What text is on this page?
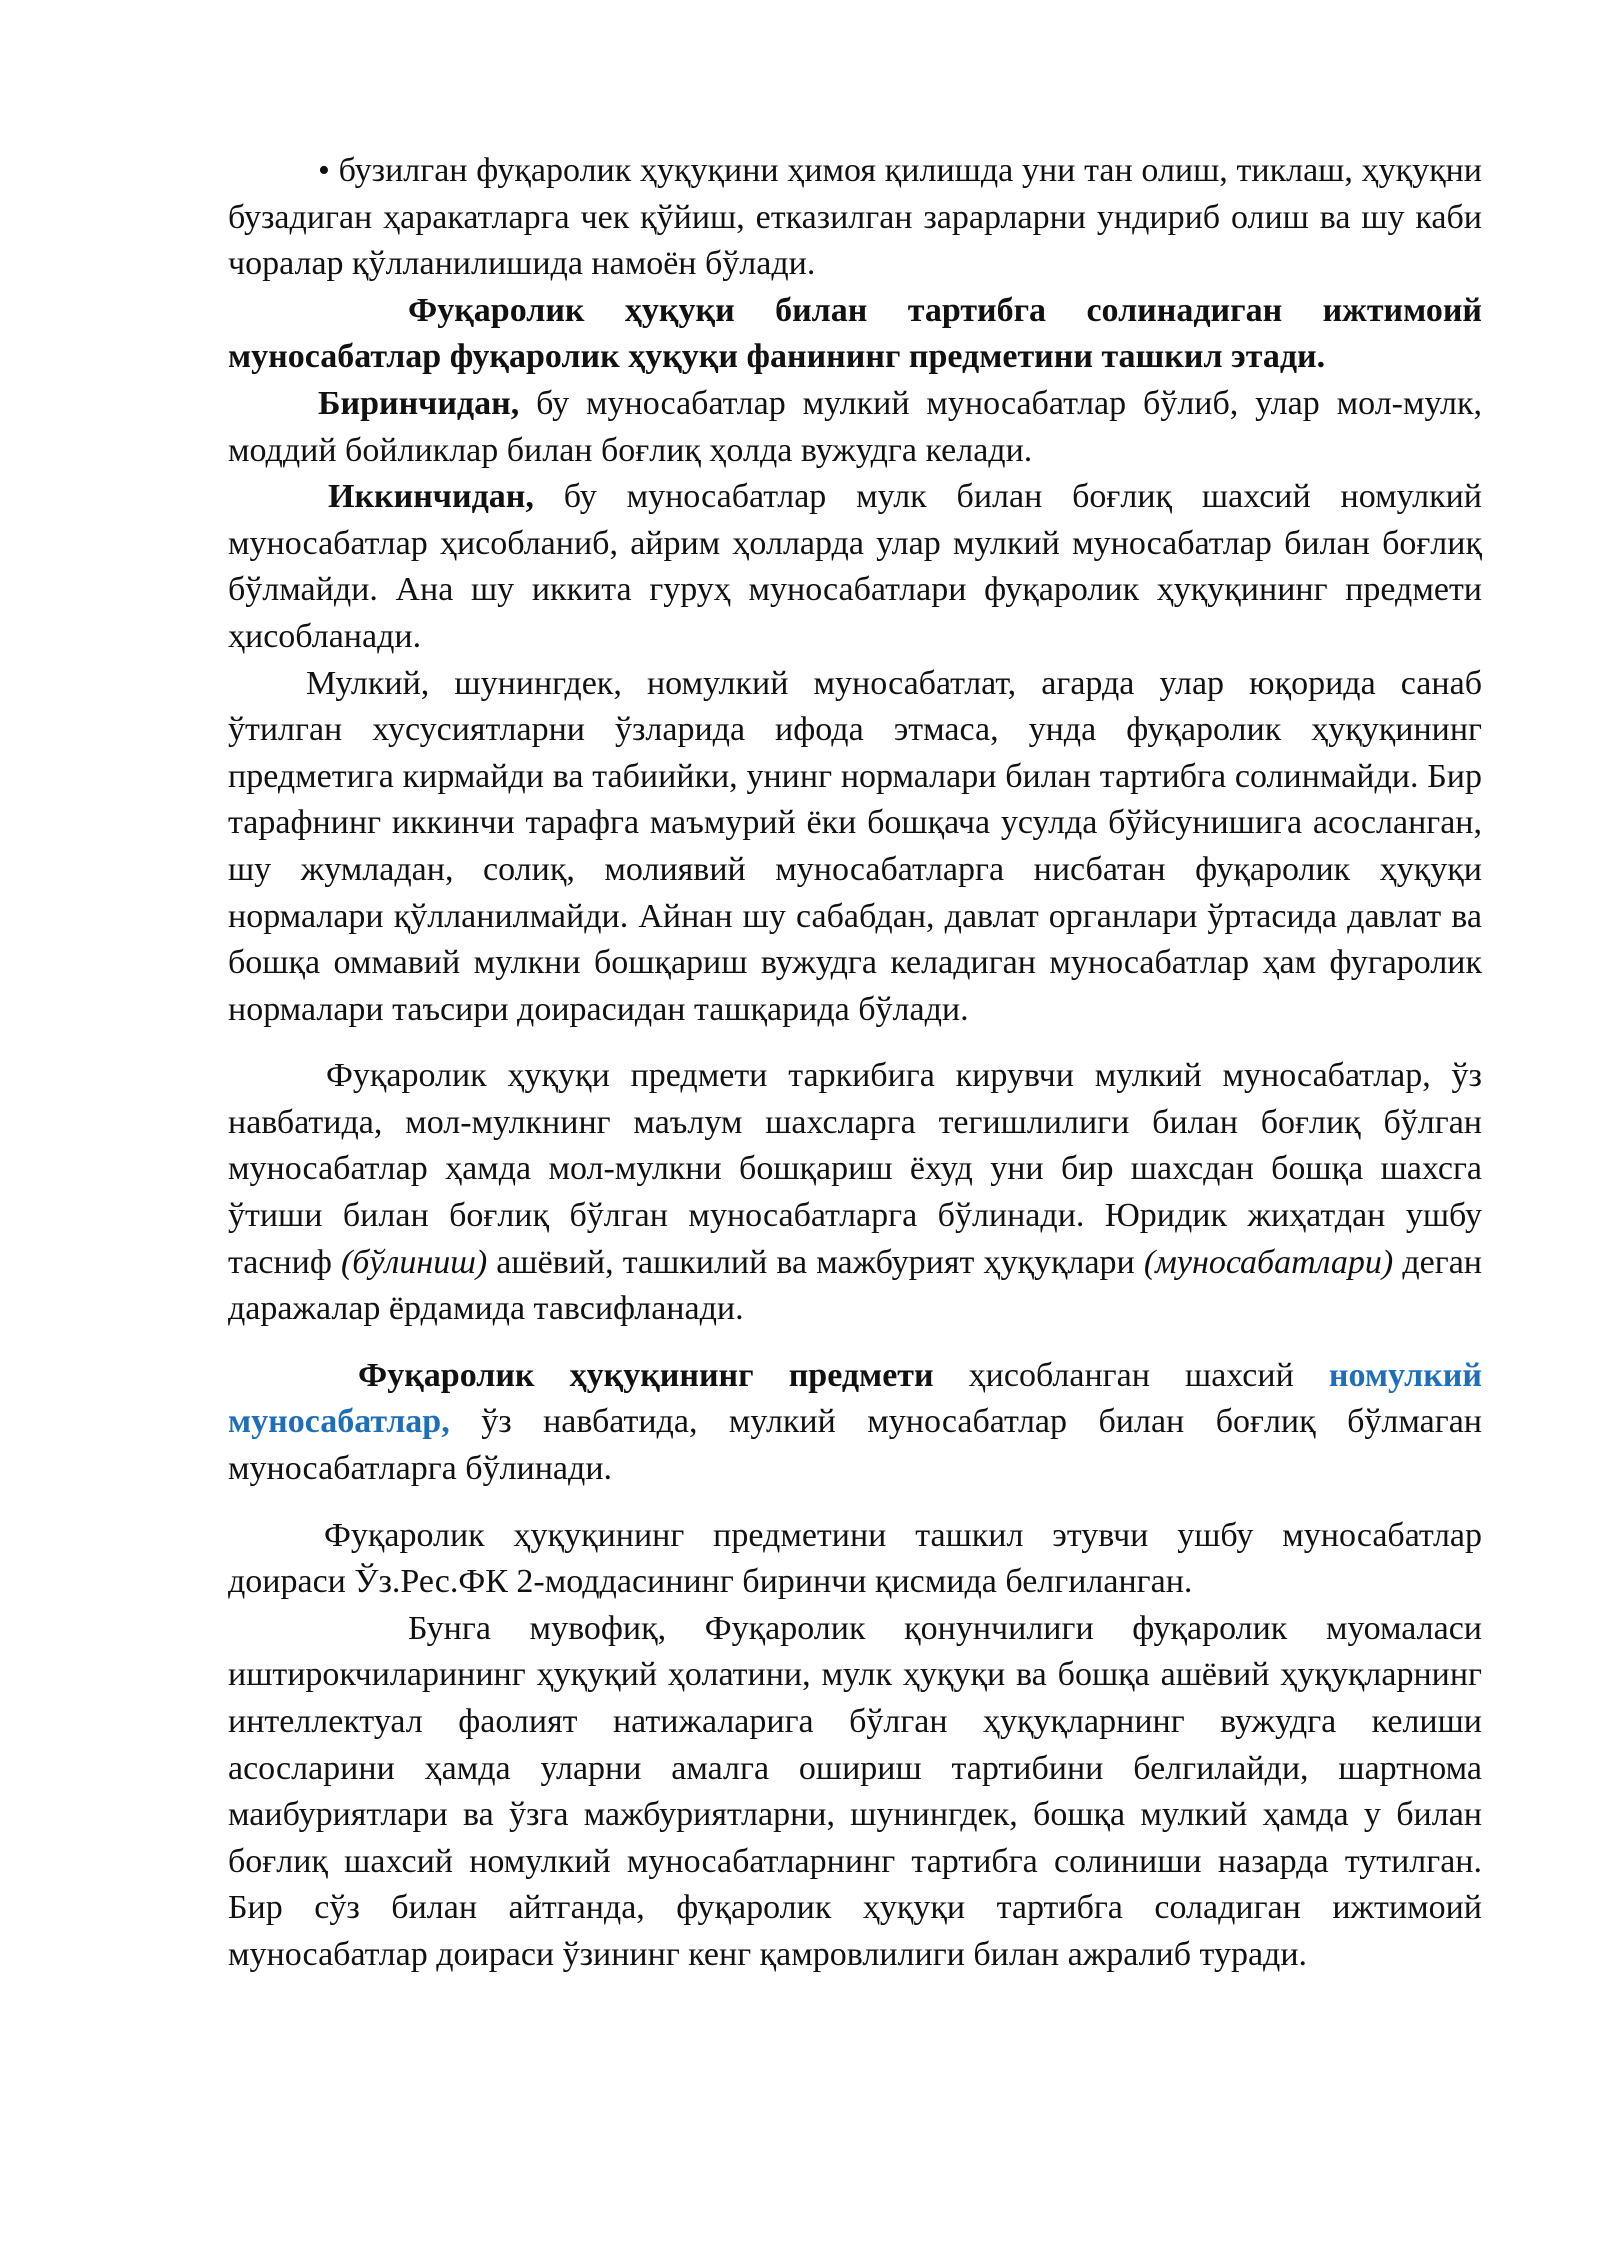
• бузилган фуқаролик ҳуқуқини ҳимоя қилишда уни тан олиш, тиклаш, ҳуқуқни бузадиган ҳаракатларга чек қўйиш, етказилган зарарларни ундириб олиш ва шу каби чоралар қўлланилишида намоён бўлади.

Фуқаролик ҳуқуқи билан тартибга солинадиган ижтимоий муносабатлар фуқаролик ҳуқуқи фанининг предметини ташкил этади.

Биринчидан, бу муносабатлар мулкий муносабатлар бўлиб, улар мол-мулк, моддий бойликлар билан боғлиқ ҳолда вужудга келади.

Иккинчидан, бу муносабатлар мулк билан боғлиқ шахсий номулкий муносабатлар ҳисобланиб, айрим ҳолларда улар мулкий муносабатлар билан боғлиқ бўлмайди. Ана шу иккита гуруҳ муносабатлари фуқаролик ҳуқуқининг предмети ҳисобланади.

Мулкий, шунингдек, номулкий муносабатлат, агарда улар юқорида санаб ўтилган хусусиятларни ўзларида ифода этмаса, унда фуқаролик ҳуқуқининг предметига кирмайди ва табиийки, унинг нормалари билан тартибга солинмайди. Бир тарафнинг иккинчи тарафга маъмурий ёки бошқача усулда бўйсунишига асосланган, шу жумладан, солиқ, молиявий муносабатларга нисбатан фуқаролик ҳуқуқи нормалари қўлланилмайди. Айнан шу сабабдан, давлат органлари ўртасида давлат ва бошқа оммавий мулкни бошқариш вужудга келадиган муносабатлар ҳам фугаролик нормалари таъсири доирасидан ташқарида бўлади.

Фуқаролик ҳуқуқи предмети таркибига кирувчи мулкий муносабатлар, ўз навбатида, мол-мулкнинг маълум шахсларга тегишлилиги билан боғлиқ бўлган муносабатлар ҳамда мол-мулкни бошқариш ёхуд уни бир шахсдан бошқа шахсга ўтиши билан боғлиқ бўлган муносабатларга бўлинади. Юридик жиҳатдан ушбу тасниф (бўлиниш) ашёвий, ташкилий ва мажбурият ҳуқуқлари (муносабатлари) деган даражалар ёрдамида тавсифланади.

Фуқаролик ҳуқуқининг предмети ҳисобланган шахсий номулкий муносабатлар, ўз навбатида, мулкий муносабатлар билан боғлиқ бўлмаган муносабатларга бўлинади.

Фуқаролик ҳуқуқининг предметини ташкил этувчи ушбу муносабатлар доираси Ўз.Рес.ФК 2-моддасининг биринчи қисмида белгиланган.

Бунга мувофиқ, Фуқаролик қонунчилиги фуқаролик муомаласи иштирокчиларининг ҳуқуқий ҳолатини, мулк ҳуқуқи ва бошқа ашёвий ҳуқуқларнинг интеллектуал фаолият натижаларига бўлган ҳуқуқларнинг вужудга келиши асосларини ҳамда уларни амалга ошириш тартибини белгилайди, шартнома маибуриятлари ва ўзга мажбуриятларни, шунингдек, бошқа мулкий ҳамда у билан боғлиқ шахсий номулкий муносабатларнинг тартибга солиниши назарда тутилган. Бир сўз билан айтганда, фуқаролик ҳуқуқи тартибга соладиган ижтимоий муносабатлар доираси ўзининг кенг қамровлилиги билан ажралиб туради.
